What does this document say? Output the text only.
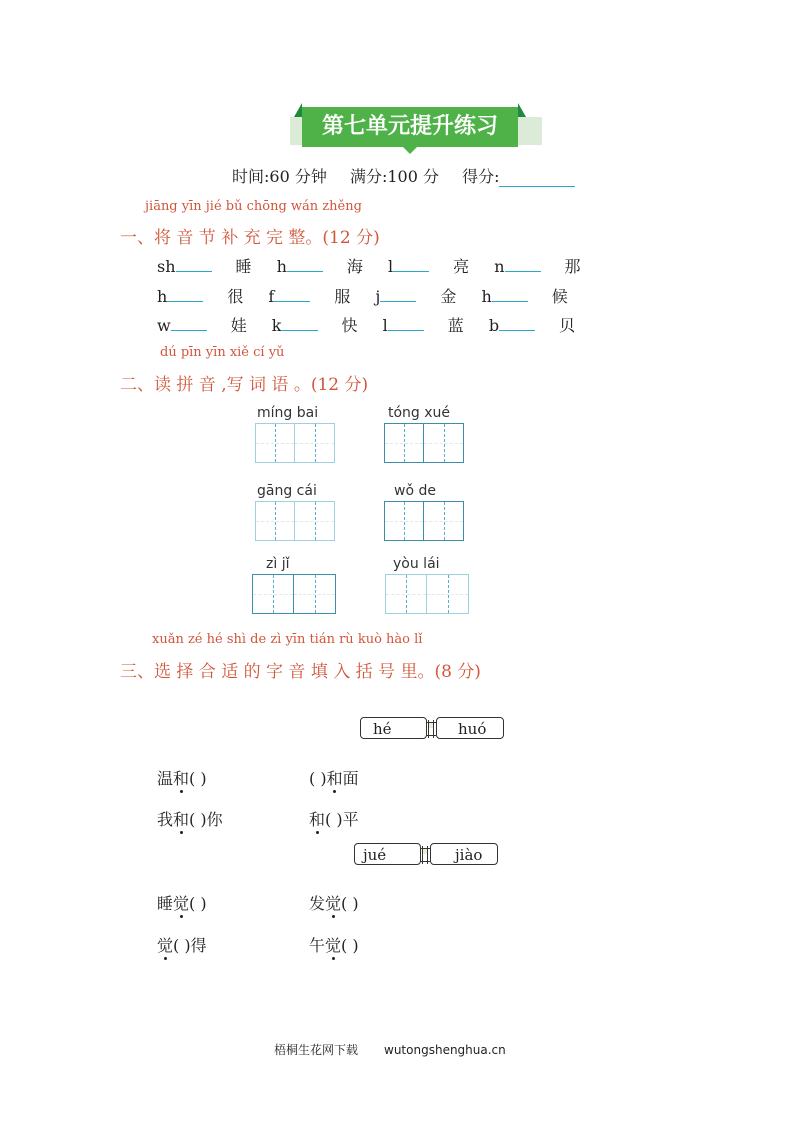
第七单元提升练习
时间:60 分钟 满分:100 分 得分:
jiāng yīn jié bǔ chōng wán zhěng
一、将 音 节 补 充 完 整。(12 分)
sh	睡 h	海 l	亮 n	那
h	很 f	服 j	金 h	候
w	娃 k	快 l	蓝 b	贝
dú pīn yīn xiě cí yǔ
二、读 拼 音 ,写 词 语 。(12 分)
míng bai	tóng xué
gāng cái	wǒ de
zì jǐ	yòu lái
xuǎn zé hé shì de zì yīn tián rù kuò hào lǐ
三、选 择 合 适 的 字 音 填 入 括 号 里。(8 分)
hé	huó
温和( )	( )和面
我和( )你	和( )平
jué	jiào
睡觉( )	发觉( )
觉( )得	午觉( )
梧桐生花网下载 wutongshenghua.cn
